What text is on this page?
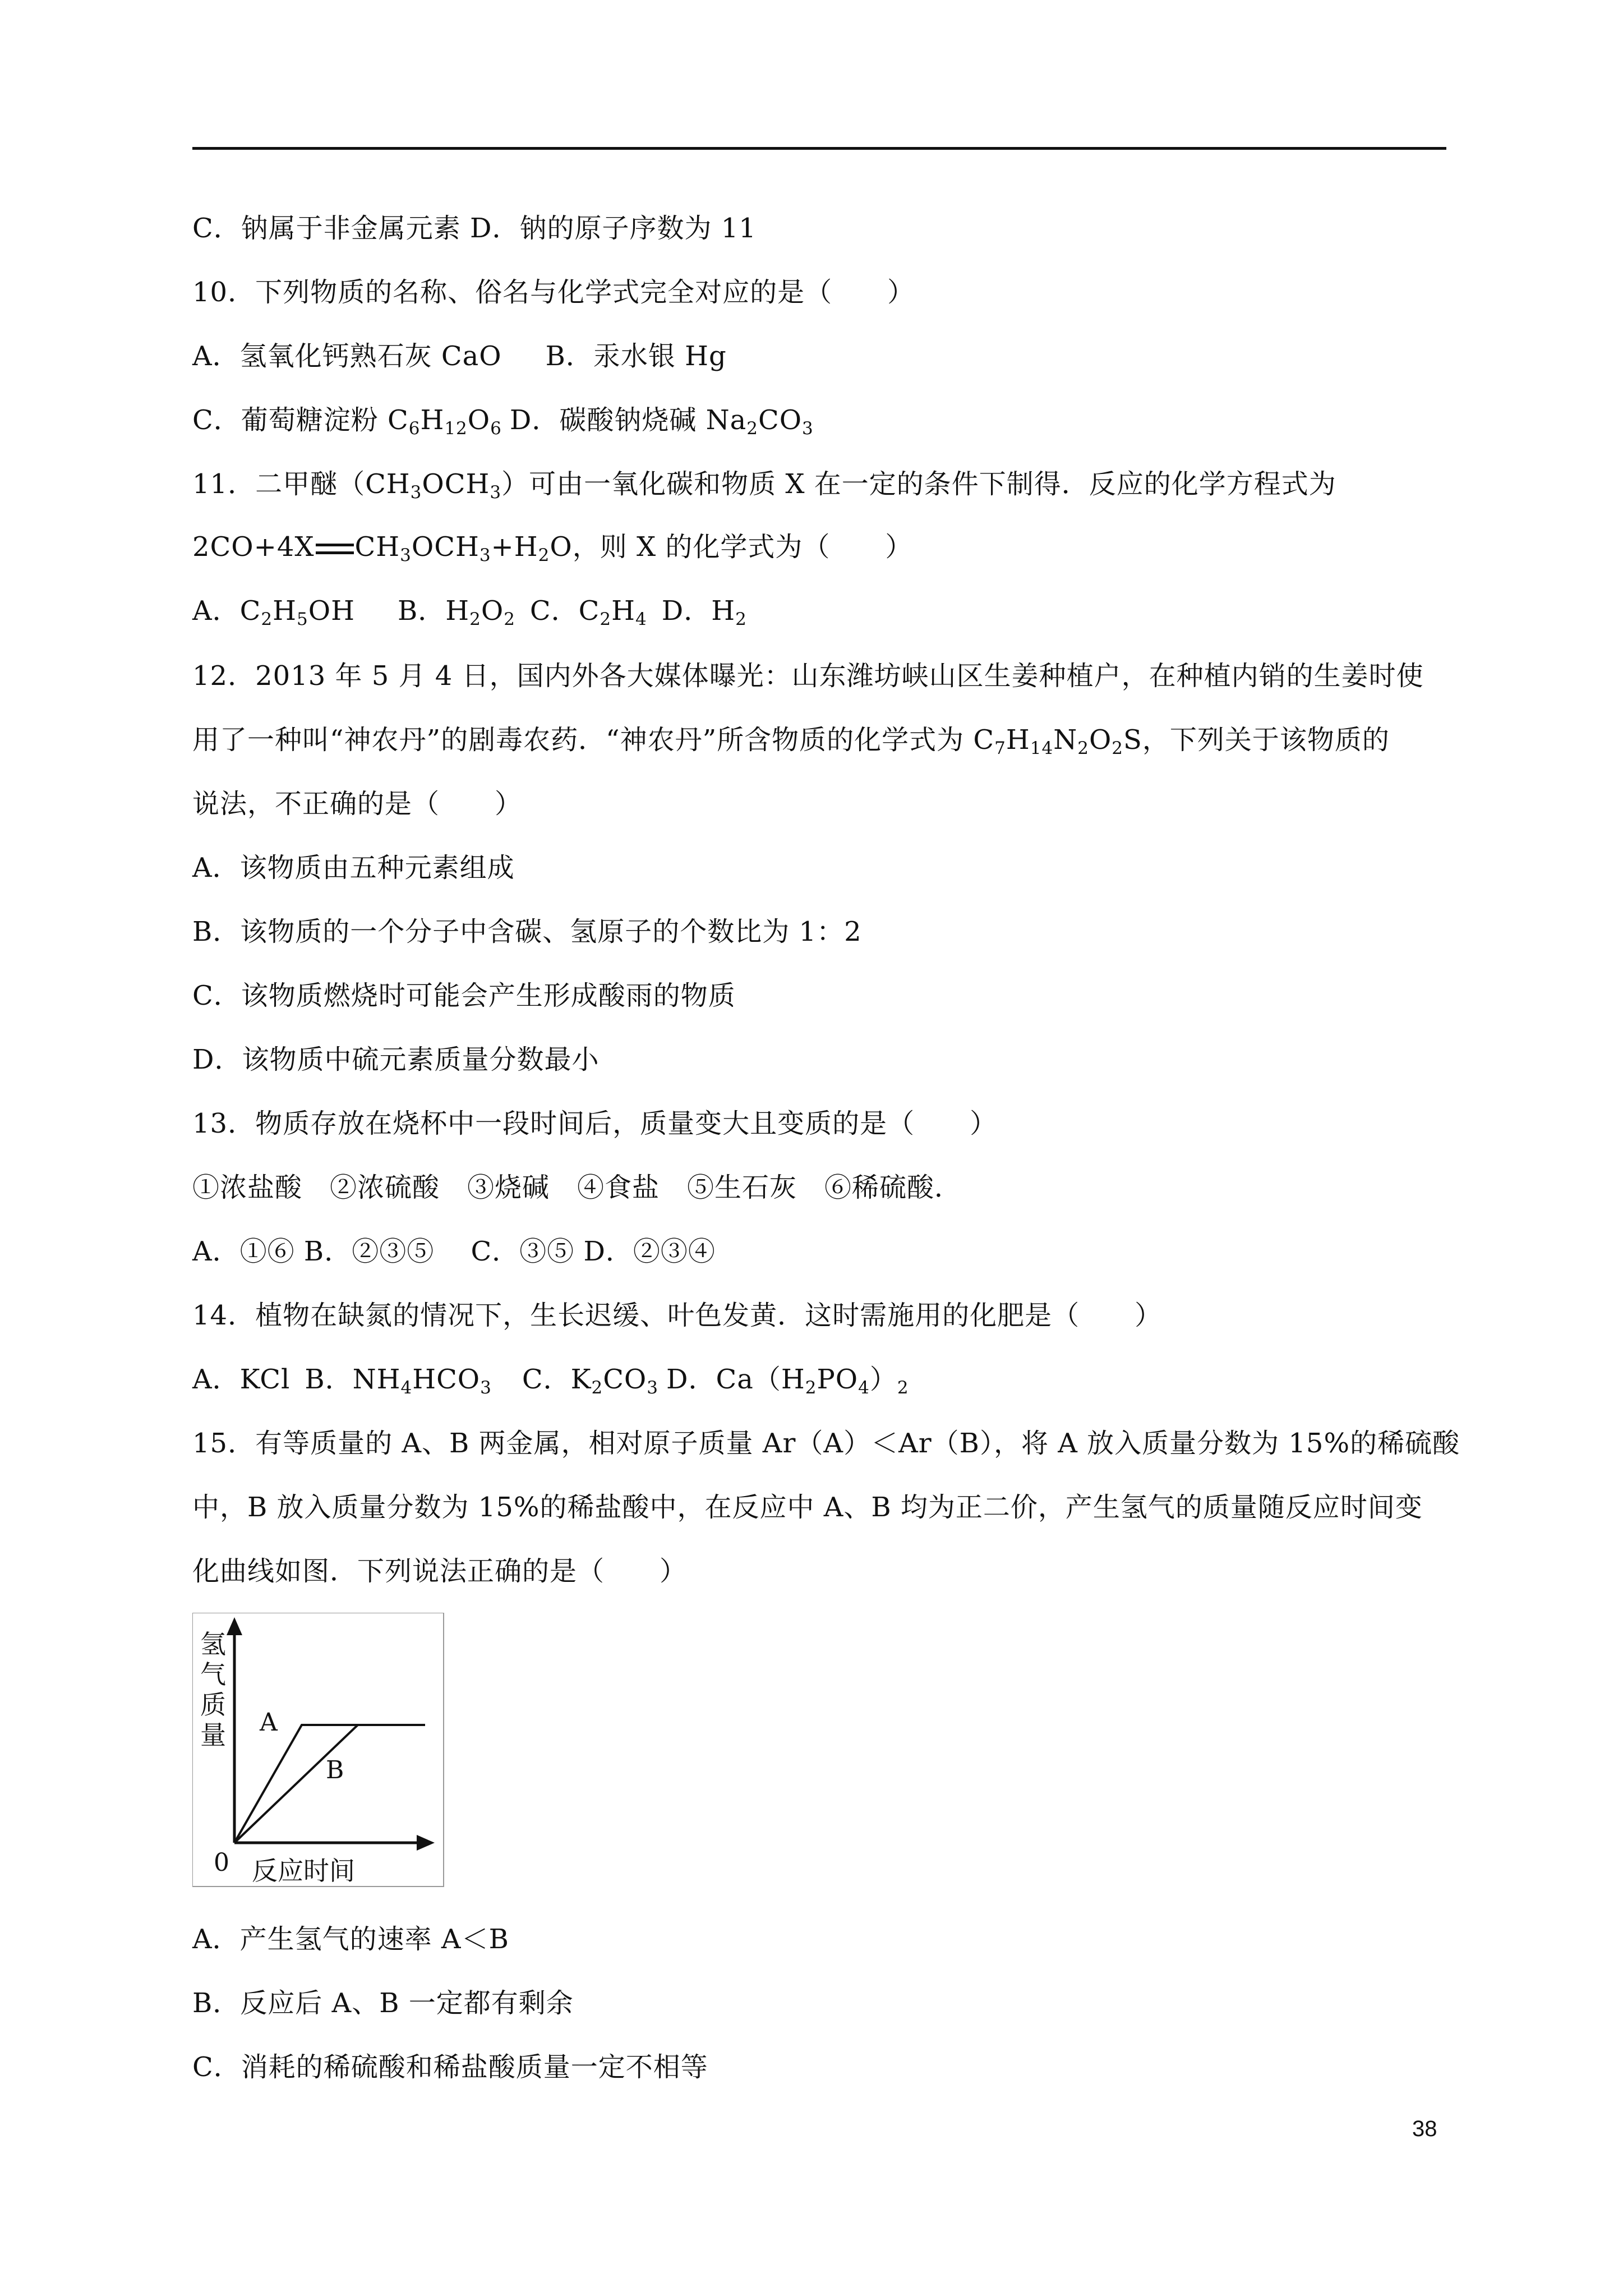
C．钠属于非金属元素 D．钠的原子序数为 11
10．下列物质的名称、俗名与化学式完全对应的是（　　）
A．氢氧化钙熟石灰 CaO B．汞水银 Hg
C．葡萄糖淀粉 $C_6H_{12}O_6$ D．碳酸钠烧碱 $Na_2CO_3$
11．二甲醚$(CH_3OCH_3)$可由一氧化碳和物质 X 在一定的条件下制得．反应的化学方程式为
2CO+4X $CH_3OCH_3+H_2O$，则 X 的化学式为（　　）
A．$C_2H_5OH$ B．$H_2O_2$ C．$C_2H_4$ D．$H_2$
12．2013 年 5 月 4 日，国内外各大媒体曝光：山东潍坊峡山区生姜种植户，在种植内销的生姜时使
用了一种叫“神农丹”的剧毒农药．“神农丹”所含物质的化学式为 $C_7H_{14}N_2O_2S$，下列关于该物质的
说法，不正确的是（　　）
A．该物质由五种元素组成
B．该物质的一个分子中含碳、氢原子的个数比为 1：2
C．该物质燃烧时可能会产生形成酸雨的物质
D．该物质中硫元素质量分数最小
13．物质存放在烧杯中一段时间后，质量变大且变质的是（　　）
①浓盐酸　②浓硫酸　③烧碱　④食盐　⑤生石灰　⑥稀硫酸．
A．①⑥ B．②③⑤　 C．③⑤ D．②③④
14．植物在缺氮的情况下，生长迟缓、叶色发黄．这时需施用的化肥是（　　）
A．KCl B．$NH_4HCO_3$ C．$K_2CO_3$ D．$Ca(H_2PO_4)_2$
15．有等质量的 A、B 两金属，相对原子质量 Ar（A）＜Ar（B），将 A 放入质量分数为 15%的稀硫酸
中，B 放入质量分数为 15%的稀盐酸中，在反应中 A、B 均为正二价，产生氢气的质量随反应时间变
化曲线如图．下列说法正确的是（　　）
氢
气
质
量
反应时间
0
A
B
A．产生氢气的速率 A＜B
B．反应后 A、B 一定都有剩余
C．消耗的稀硫酸和稀盐酸质量一定不相等
38
